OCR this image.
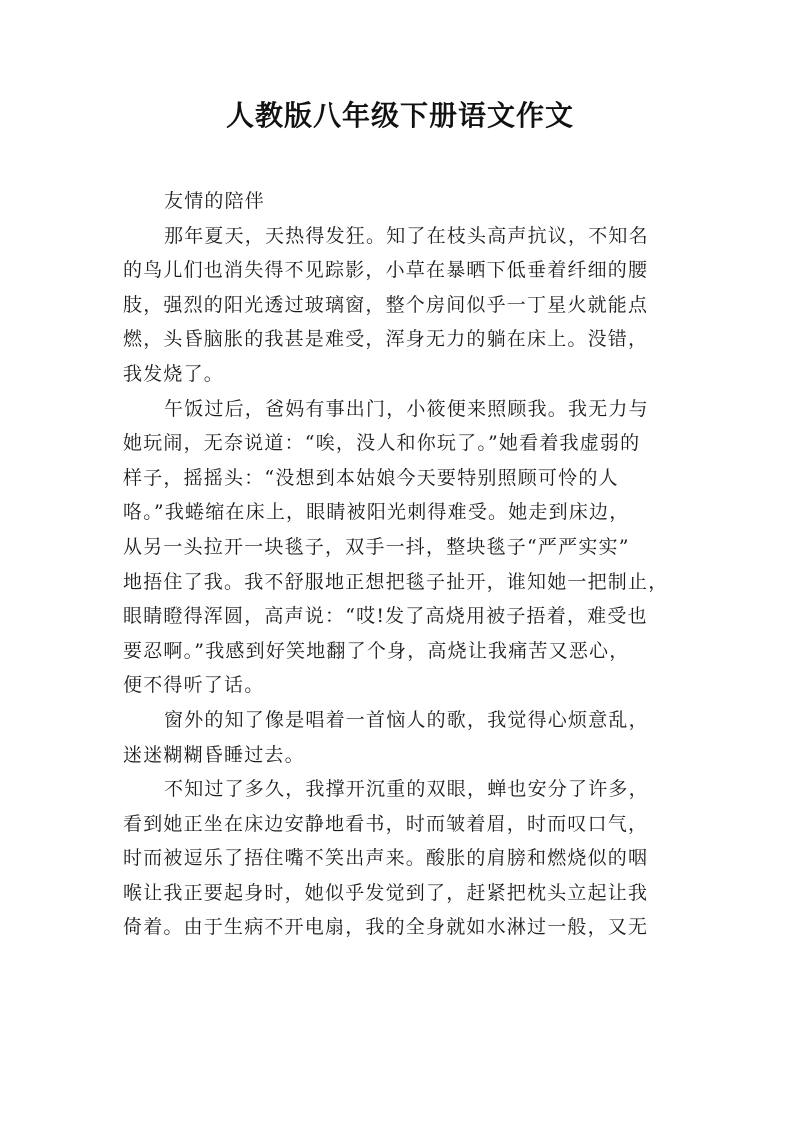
人教版八年级下册语文作文
友情的陪伴
那年夏天，天热得发狂。知了在枝头高声抗议，不知名
的鸟儿们也消失得不见踪影，小草在暴晒下低垂着纤细的腰
肢，强烈的阳光透过玻璃窗，整个房间似乎一丁星火就能点
燃，头昏脑胀的我甚是难受，浑身无力的躺在床上。没错，
我发烧了。
午饭过后，爸妈有事出门，小筱便来照顾我。我无力与
她玩闹，无奈说道：“唉，没人和你玩了。”她看着我虚弱的
样子，摇摇头：“没想到本姑娘今天要特别照顾可怜的人
咯。”我蜷缩在床上，眼睛被阳光刺得难受。她走到床边，
从另一头拉开一块毯子，双手一抖，整块毯子“严严实实”
地捂住了我。我不舒服地正想把毯子扯开，谁知她一把制止，
眼睛瞪得浑圆，高声说：“哎!发了高烧用被子捂着，难受也
要忍啊。”我感到好笑地翻了个身，高烧让我痛苦又恶心，
便不得听了话。
窗外的知了像是唱着一首恼人的歌，我觉得心烦意乱，
迷迷糊糊昏睡过去。
不知过了多久，我撑开沉重的双眼，蝉也安分了许多，
看到她正坐在床边安静地看书，时而皱着眉，时而叹口气，
时而被逗乐了捂住嘴不笑出声来。酸胀的肩膀和燃烧似的咽
喉让我正要起身时，她似乎发觉到了，赶紧把枕头立起让我
倚着。由于生病不开电扇，我的全身就如水淋过一般，又无
